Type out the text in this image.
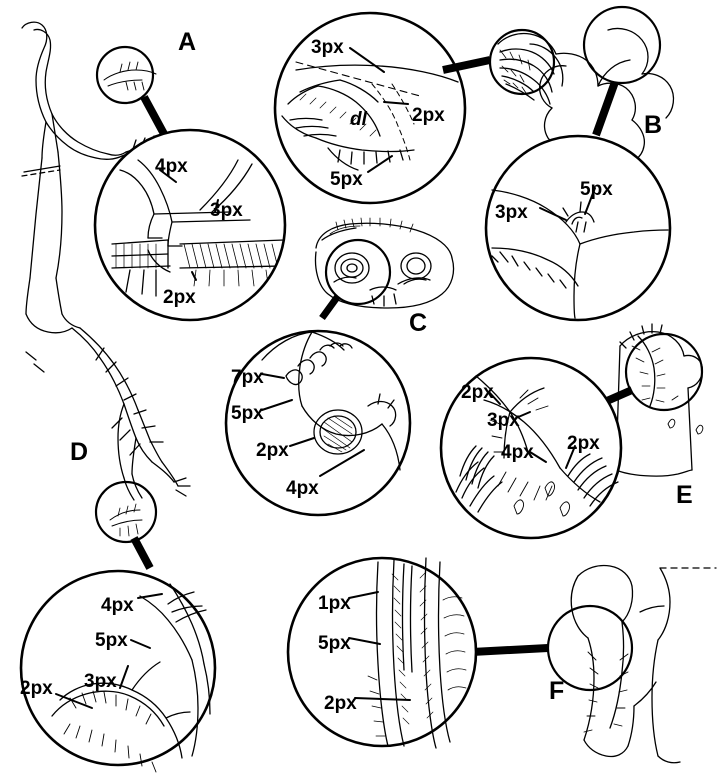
A
B
C
D
E
F
4px
3px
2px
3px
2px
dl
5px
3px
5px
7px
5px
2px
4px
2px
3px
4px 2px
4px
5px
3px
2px
1px
5px
2px
